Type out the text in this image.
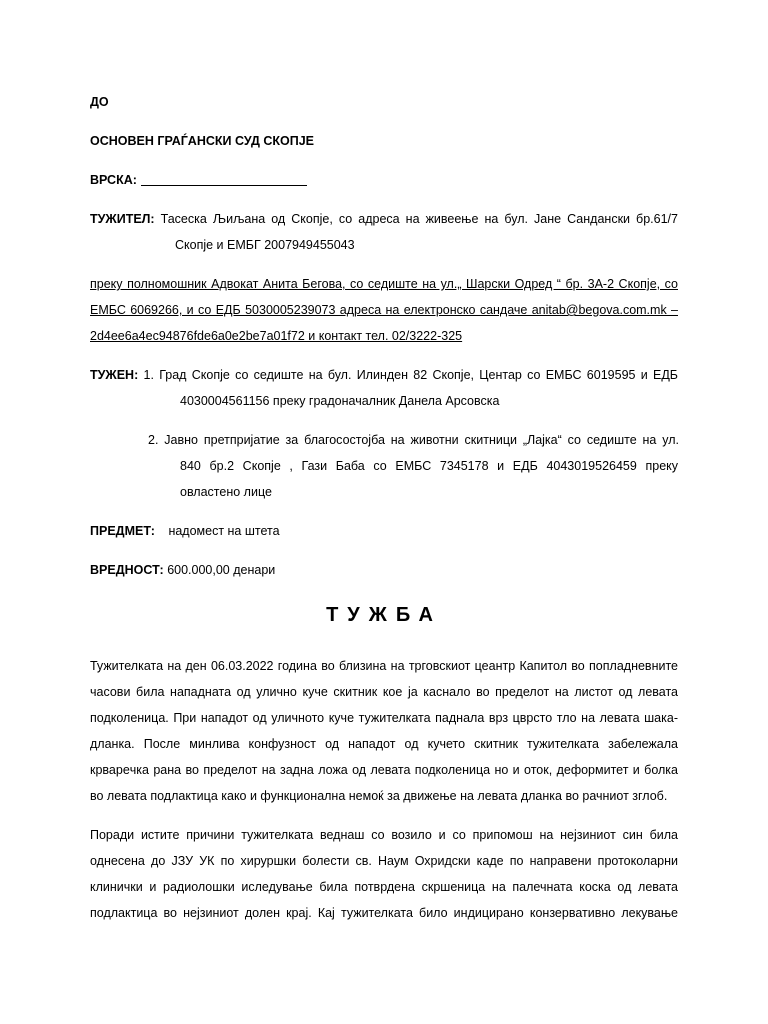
ДО
ОСНОВЕН ГРАЃАНСКИ СУД СКОПЈЕ
ВРСКА:
ТУЖИТЕЛ: Тасеска Љиљана од Скопје, со адреса на живеење на бул. Јане Сандански бр.61/7
Скопје и ЕМБГ 2007949455043
преку полномошник Адвокат Анита Бегова, со седиште на ул.„ Шарски Одред “ бр. 3А-2 Скопје, со
ЕМБС 6069266, и со ЕДБ 5030005239073 адреса на електронско сандаче anitab@begova.com.mk –
2d4ee6a4ec94876fde6a0e2be7a01f72 и контакт тел. 02/3222-325
ТУЖЕН: 1. Град Скопје со седиште на бул. Илинден 82 Скопје, Центар со ЕМБС 6019595 и ЕДБ
4030004561156 преку градоначалник Данела Арсовска
2. Јавно претпријатие за благосостојба на животни скитници „Лајка“ со седиште на ул.
840 бр.2 Скопје , Гази Баба со ЕМБС 7345178 и ЕДБ 4043019526459 преку
овластено лице
ПРЕДМЕТ: надомест на штета
ВРЕДНОСТ: 600.000,00 денари
ТУЖБА
Тужителката на ден 06.03.2022 година во близина на трговскиот цеантр Капитол во попладневните
часови била нападната од улично куче скитник кое ја каснало во пределот на листот од левата
подколеница. При нападот од уличното куче тужителката паднала врз цврсто тло на левата шака-
дланка. После минлива конфузност од нападот од кучето скитник тужителката забележала
крварeчка рана во пределот на задна ложа од левата подколеница но и оток, деформитет и болка
во левата подлактица како и функционална немоќ за движење на левата дланка во рачниот зглоб.
Поради истите причини тужителката веднаш со возило и со припомош на нејзиниот син била
однесена до ЈЗУ УК по хируршки болести св. Наум Охридски каде по направени протоколарни
клинички и радиолошки иследување била потврдена скршеница на палечната коска од левата
подлактица во нејзиниот долен крај. Кај тужителката било индицирано конзервативно лекување
